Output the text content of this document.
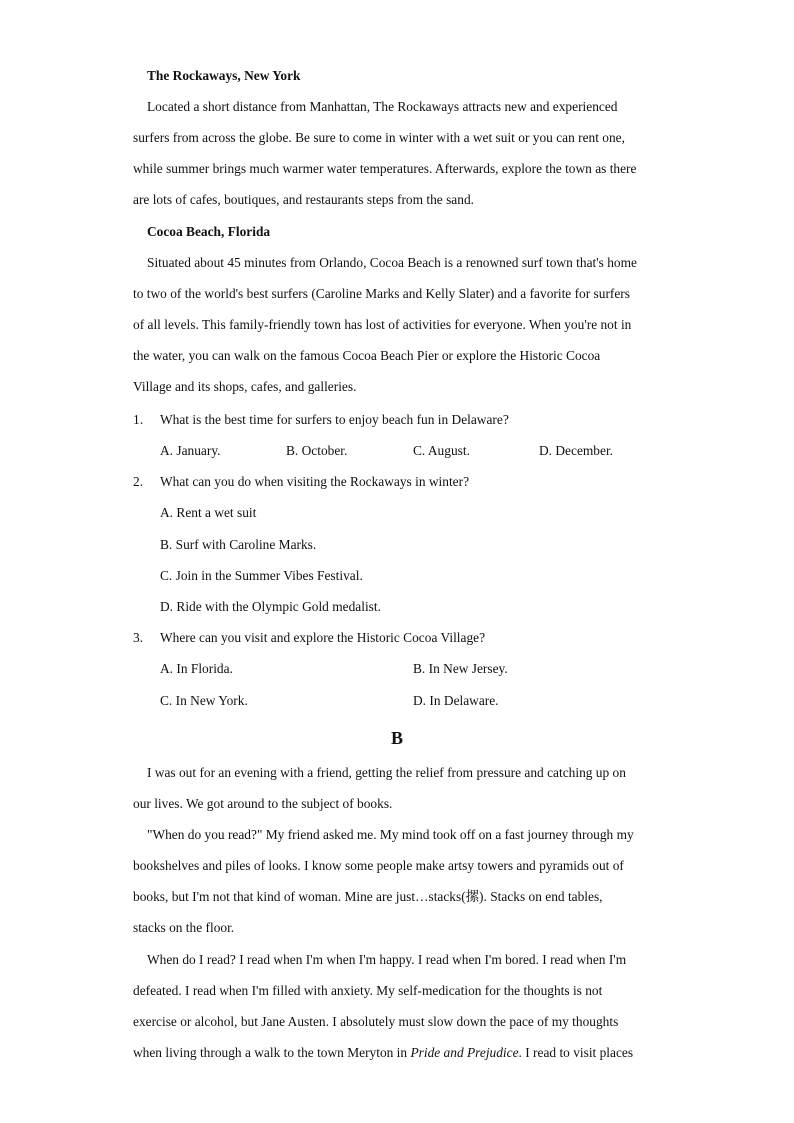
The Rockaways, New York
Located a short distance from Manhattan, The Rockaways attracts new and experienced
surfers from across the globe. Be sure to come in winter with a wet suit or you can rent one,
while summer brings much warmer water temperatures. Afterwards, explore the town as there
are lots of cafes, boutiques, and restaurants steps from the sand.
Cocoa Beach, Florida
Situated about 45 minutes from Orlando, Cocoa Beach is a renowned surf town that's home
to two of the world's best surfers (Caroline Marks and Kelly Slater) and a favorite for surfers
of all levels. This family-friendly town has lost of activities for everyone. When you're not in
the water, you can walk on the famous Cocoa Beach Pier or explore the Historic Cocoa
Village and its shops, cafes, and galleries.
1. What is the best time for surfers to enjoy beach fun in Delaware?
A. January.	B. October.	C. August.	D. December.
2. What can you do when visiting the Rockaways in winter?
A. Rent a wet suit
B. Surf with Caroline Marks.
C. Join in the Summer Vibes Festival.
D. Ride with the Olympic Gold medalist.
3. Where can you visit and explore the Historic Cocoa Village?
A. In Florida.	B. In New Jersey.
C. In New York.	D. In Delaware.
B
I was out for an evening with a friend, getting the relief from pressure and catching up on
our lives. We got around to the subject of books.
"When do you read?" My friend asked me. My mind took off on a fast journey through my
bookshelves and piles of looks. I know some people make artsy towers and pyramids out of
books, but I'm not that kind of woman. Mine are just…stacks(摞). Stacks on end tables,
stacks on the floor.
When do I read? I read when I'm when I'm happy. I read when I'm bored. I read when I'm
defeated. I read when I'm filled with anxiety. My self-medication for the thoughts is not
exercise or alcohol, but Jane Austen. I absolutely must slow down the pace of my thoughts
when living through a walk to the town Meryton in Pride and Prejudice. I read to visit places
